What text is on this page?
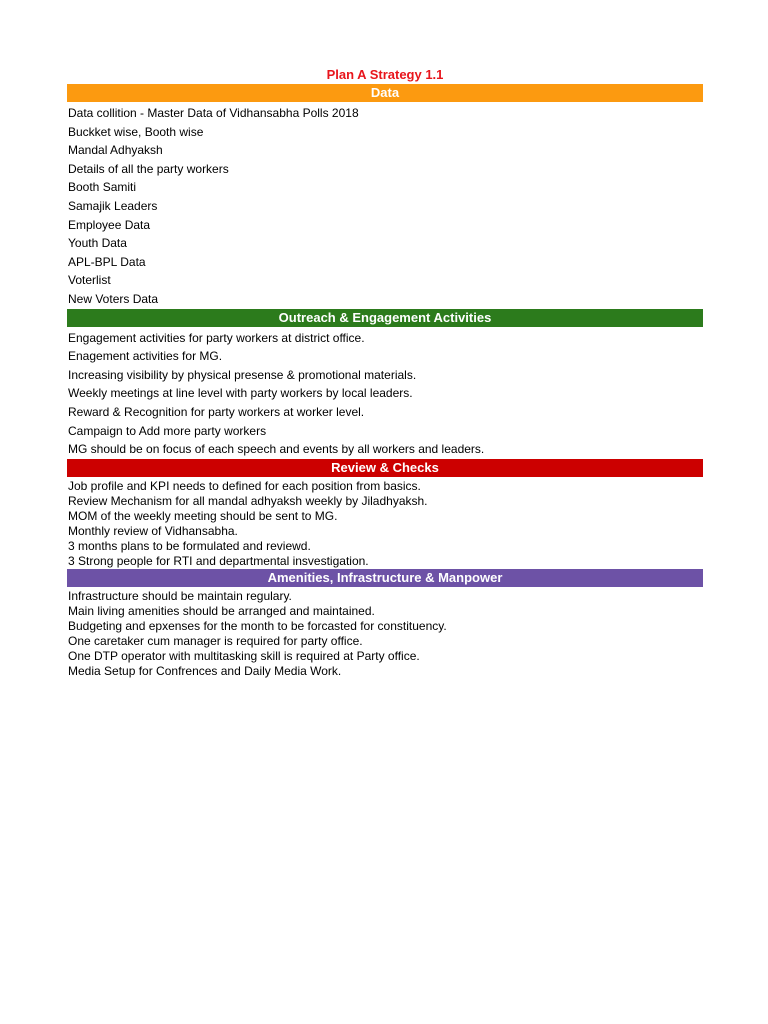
Plan A Strategy 1.1
Data
Data collition - Master Data of Vidhansabha Polls 2018
Buckket wise, Booth wise
Mandal Adhyaksh
Details of all the party workers
Booth Samiti
Samajik Leaders
Employee Data
Youth Data
APL-BPL Data
Voterlist
New Voters Data
Outreach & Engagement Activities
Engagement activities for party workers at district office.
Enagement activities for MG.
Increasing visibility by physical presense & promotional materials.
Weekly meetings at line level with party workers by local leaders.
Reward & Recognition for party workers at worker level.
Campaign to Add more party workers
MG should be on focus of each speech and events by all workers and leaders.
Review & Checks
Job profile and KPI needs to defined for each position from basics.
Review Mechanism for all mandal adhyaksh weekly by Jiladhyaksh.
MOM of the weekly meeting should be sent to MG.
Monthly review of Vidhansabha.
3 months plans to be formulated and reviewd.
3 Strong people for RTI and departmental insvestigation.
Amenities, Infrastructure & Manpower
Infrastructure should be maintain regulary.
Main living amenities should be arranged and maintained.
Budgeting and epxenses for the month to be forcasted for constituency.
One caretaker cum manager is required for party office.
One DTP operator with multitasking skill is required at Party office.
Media Setup for Confrences and Daily Media Work.
